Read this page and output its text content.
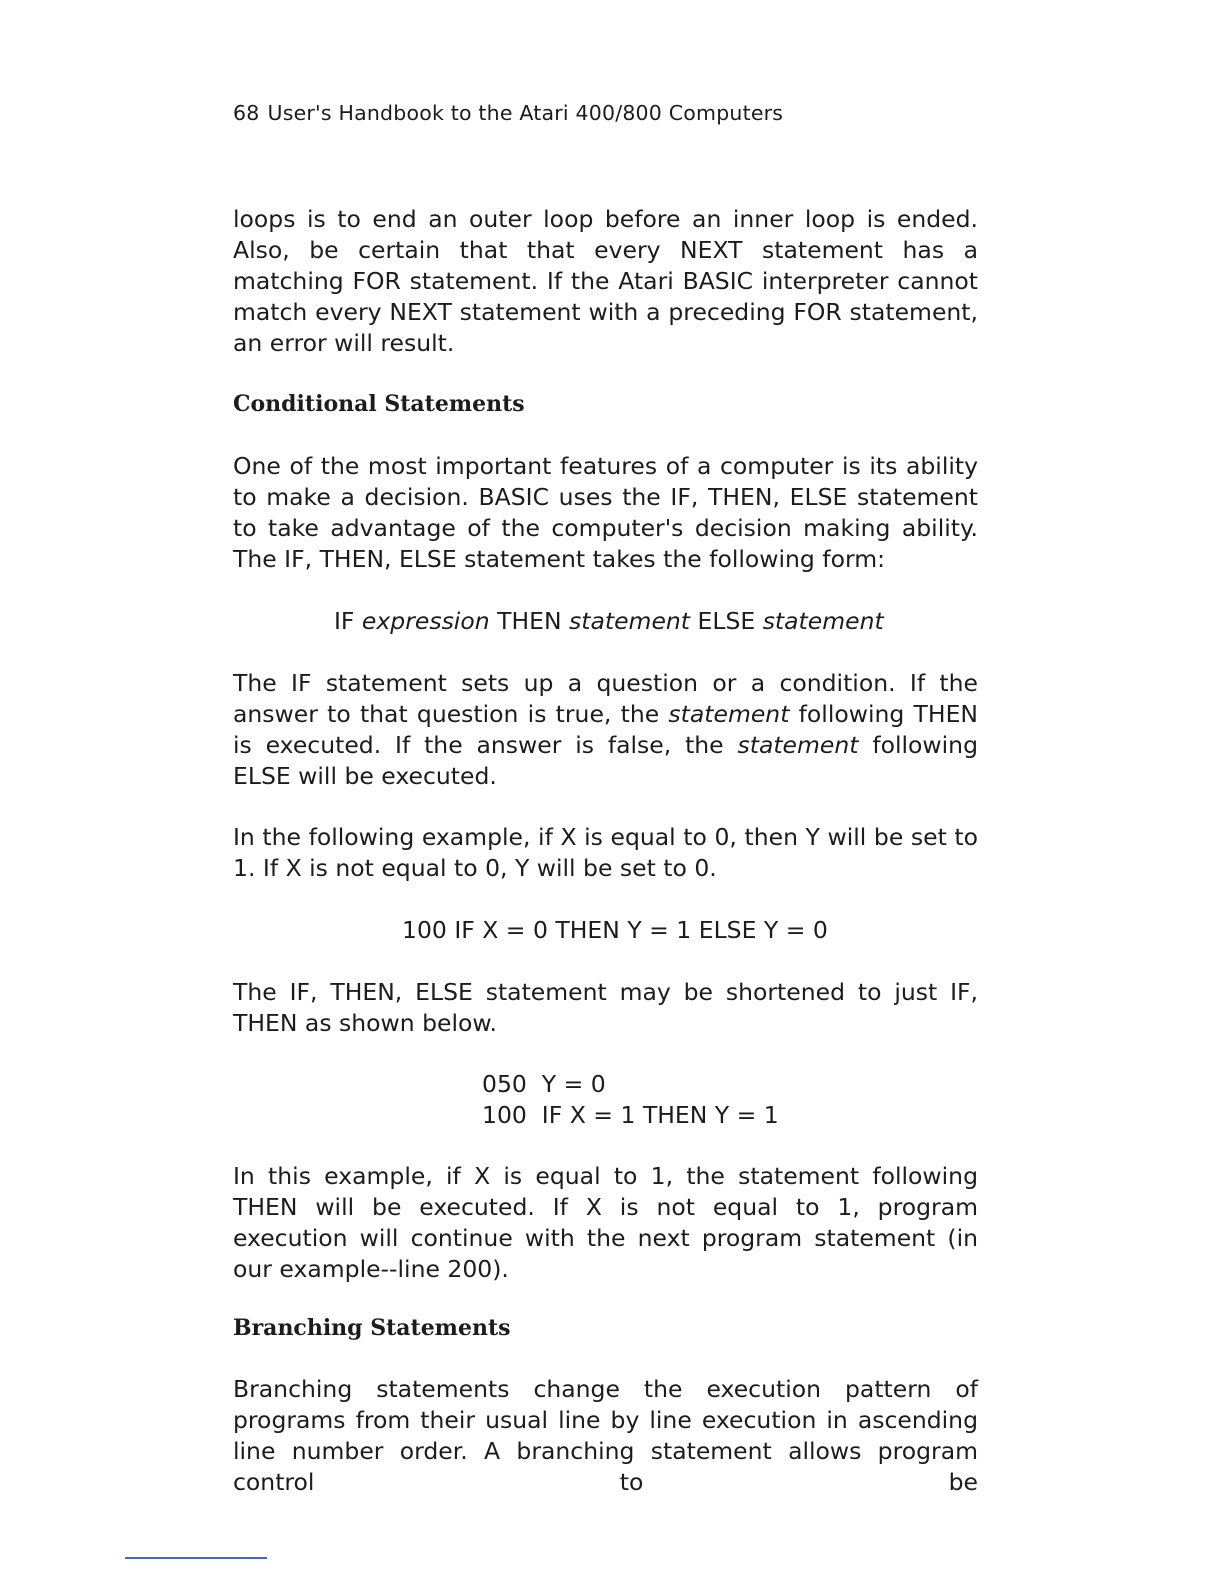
68 User's Handbook to the Atari 400/800 Computers
loops is to end an outer loop before an inner loop is ended. Also, be certain that that every NEXT statement has a matching FOR statement. If the Atari BASIC interpreter cannot match every NEXT statement with a preceding FOR statement, an error will result.
Conditional Statements
One of the most important features of a computer is its ability to make a decision. BASIC uses the IF, THEN, ELSE statement to take advantage of the computer's decision making ability. The IF, THEN, ELSE statement takes the following form:
IF expression THEN statement ELSE statement
The IF statement sets up a question or a condition. If the answer to that question is true, the statement following THEN is executed. If the answer is false, the statement following ELSE will be executed.
In the following example, if X is equal to 0, then Y will be set to 1. If X is not equal to 0, Y will be set to 0.
100 IF X = 0 THEN Y = 1 ELSE Y = 0
The IF, THEN, ELSE statement may be shortened to just IF, THEN as shown below.
050  Y = 0
100  IF X = 1 THEN Y = 1
In this example, if X is equal to 1, the statement following THEN will be executed. If X is not equal to 1, program execution will continue with the next program statement (in our example--line 200).
Branching Statements
Branching statements change the execution pattern of programs from their usual line by line execution in ascending line number order. A branching statement allows program control to be
